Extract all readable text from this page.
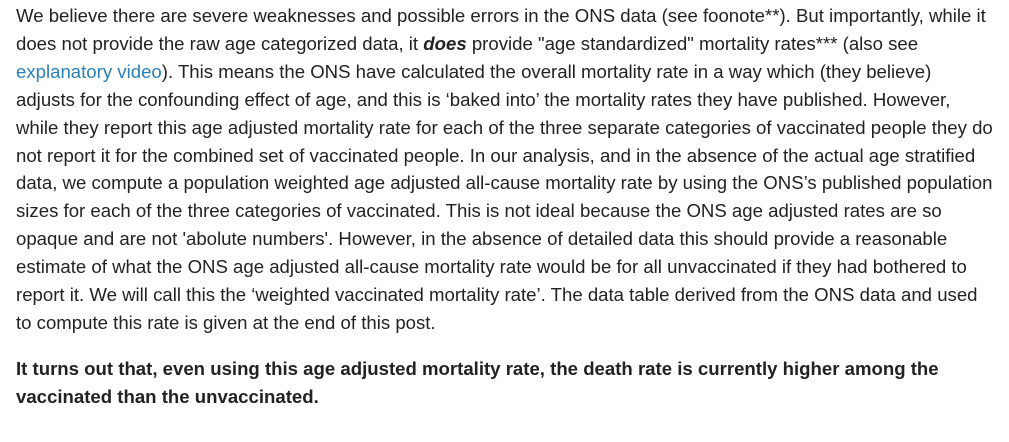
We believe there are severe weaknesses and possible errors in the ONS data (see foonote**). But importantly, while it does not provide the raw age categorized data, it does provide "age standardized" mortality rates*** (also see explanatory video). This means the ONS have calculated the overall mortality rate in a way which (they believe) adjusts for the confounding effect of age, and this is ‘baked into’ the mortality rates they have published. However, while they report this age adjusted mortality rate for each of the three separate categories of vaccinated people they do not report it for the combined set of vaccinated people. In our analysis, and in the absence of the actual age stratified data, we compute a population weighted age adjusted all-cause mortality rate by using the ONS’s published population sizes for each of the three categories of vaccinated. This is not ideal because the ONS age adjusted rates are so opaque and are not 'abolute numbers'. However, in the absence of detailed data this should provide a reasonable estimate of what the ONS age adjusted all-cause mortality rate would be for all unvaccinated if they had bothered to report it. We will call this the ‘weighted vaccinated mortality rate’. The data table derived from the ONS data and used to compute this rate is given at the end of this post.

It turns out that, even using this age adjusted mortality rate, the death rate is currently higher among the vaccinated than the unvaccinated.
